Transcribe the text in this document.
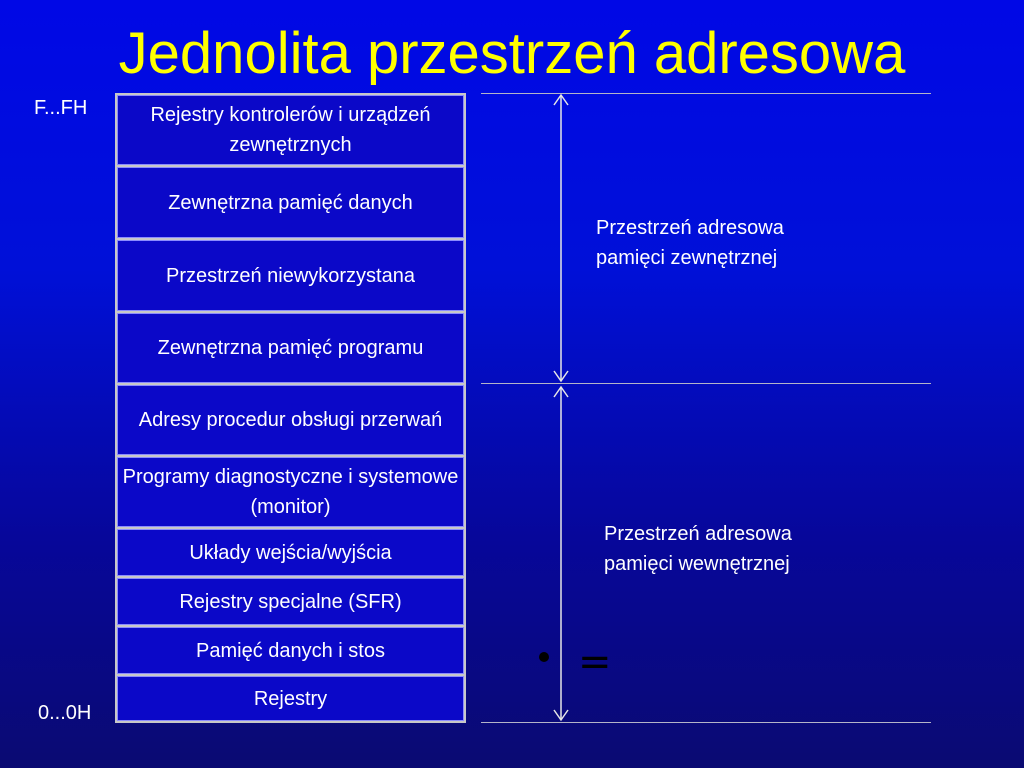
Jednolita przestrzeń adresowa
F...FH
0...0H
Rejestry kontrolerów i urządzeń zewnętrznych
Zewnętrzna pamięć danych
Przestrzeń niewykorzystana
Zewnętrzna pamięć programu
Adresy procedur obsługi przerwań
Programy diagnostyczne i systemowe (monitor)
Układy wejścia/wyjścia
Rejestry specjalne (SFR)
Pamięć danych i stos
Rejestry
Przestrzeń adresowa pamięci zewnętrznej
Przestrzeń adresowa pamięci wewnętrznej
=
